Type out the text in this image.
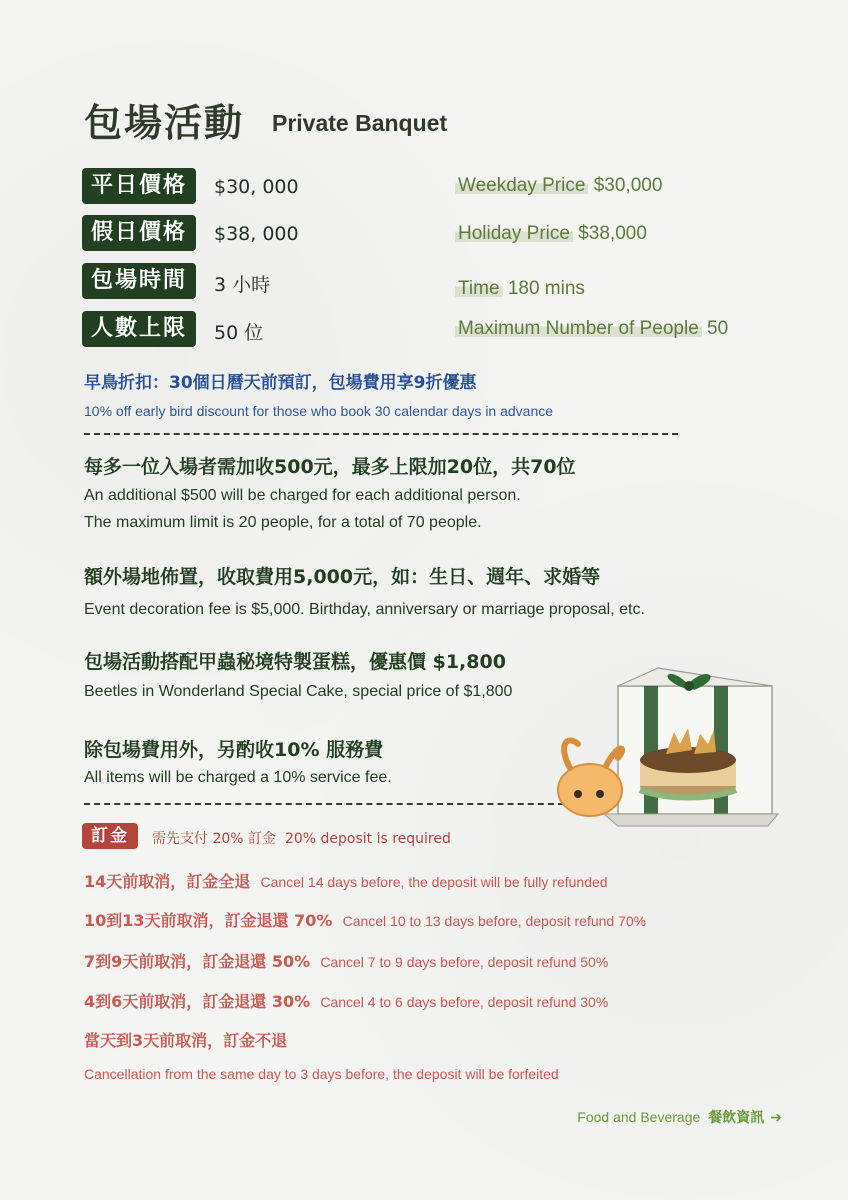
包場活動 Private Banquet
平日價格	$30, 000	Weekday Price $30,000
假日價格	$38, 000	Holiday Price $38,000
包場時間	3 小時	Time 180 mins
人數上限	50 位	Maximum Number of People 50
早鳥折扣：30個日曆天前預訂，包場費用享9折優惠
10% off early bird discount for those who book 30 calendar days in advance
每多一位入場者需加收500元，最多上限加20位，共70位
An additional $500 will be charged for each additional person.
The maximum limit is 20 people, for a total of 70 people.
額外場地佈置，收取費用5,000元，如：生日、週年、求婚等
Event decoration fee is $5,000. Birthday, anniversary or marriage proposal, etc.
包場活動搭配甲蟲秘境特製蛋糕，優惠價 $1,800
Beetles in Wonderland Special Cake, special price of $1,800
除包場費用外，另酌收10% 服務費
All items will be charged a 10% service fee.
訂金	需先支付 20% 訂金 20% deposit is required
14天前取消，訂金全退 Cancel 14 days before, the deposit will be fully refunded
10到13天前取消，訂金退還 70% Cancel 10 to 13 days before, deposit refund 70%
7到9天前取消，訂金退還 50% Cancel 7 to 9 days before, deposit refund 50%
4到6天前取消，訂金退還 30% Cancel 4 to 6 days before, deposit refund 30%
當天到3天前取消，訂金不退
Cancellation from the same day to 3 days before, the deposit will be forfeited
Food and Beverage 餐飲資訊 ➔
